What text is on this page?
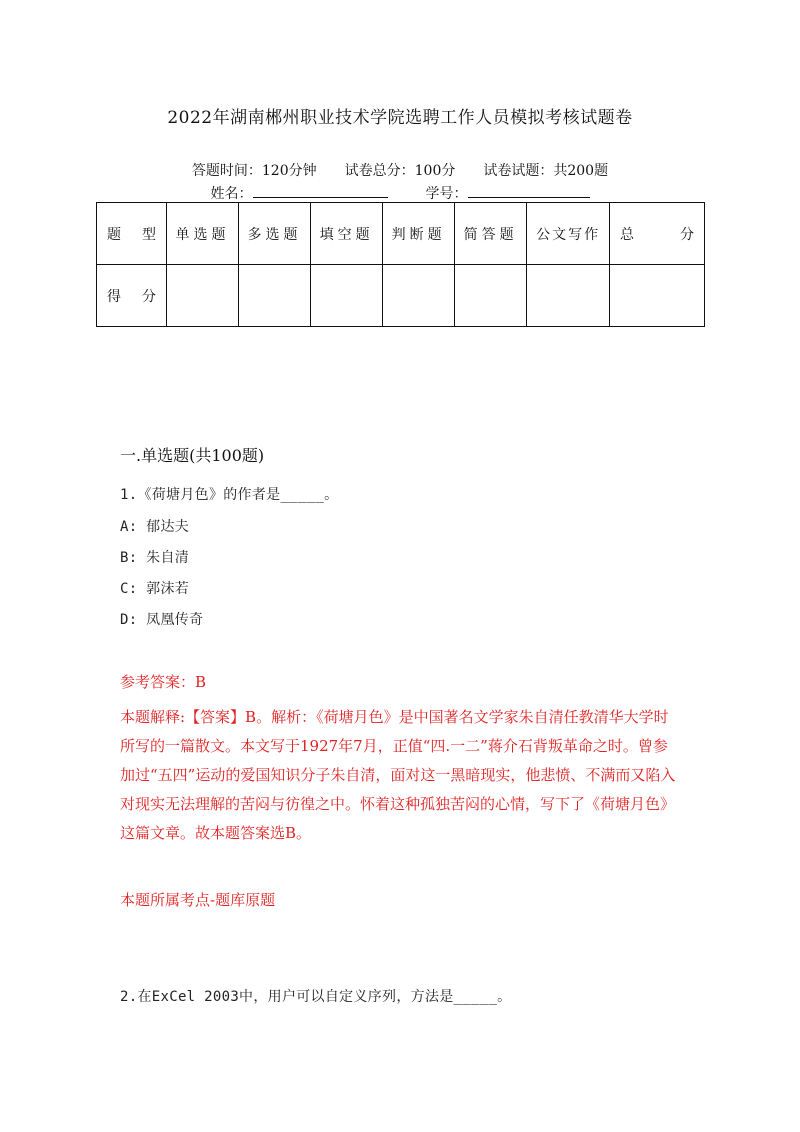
2022年湖南郴州职业技术学院选聘工作人员模拟考核试题卷
答题时间：120分钟 试卷总分：100分 试卷试题：共200题
姓名：	学号：
题 型	单选题	多选题	填空题	判断题	简答题	公文写作	总 分

得 分							

一.单选题(共100题)
1.《荷塘月色》的作者是_____。
A: 郁达夫
B: 朱自清
C: 郭沫若
D: 凤凰传奇
参考答案：B
本题解释:【答案】B。解析：《荷塘月色》是中国著名文学家朱自清任教清华大学时所写的一篇散文。本文写于1927年7月，正值“四.一二”蒋介石背叛革命之时。曾参加过“五四”运动的爱国知识分子朱自清，面对这一黑暗现实，他悲愤、不满而又陷入对现实无法理解的苦闷与彷徨之中。怀着这种孤独苦闷的心情，写下了《荷塘月色》这篇文章。故本题答案选B。
本题所属考点-题库原题
2.在ExCel 2003中，用户可以自定义序列，方法是_____。
